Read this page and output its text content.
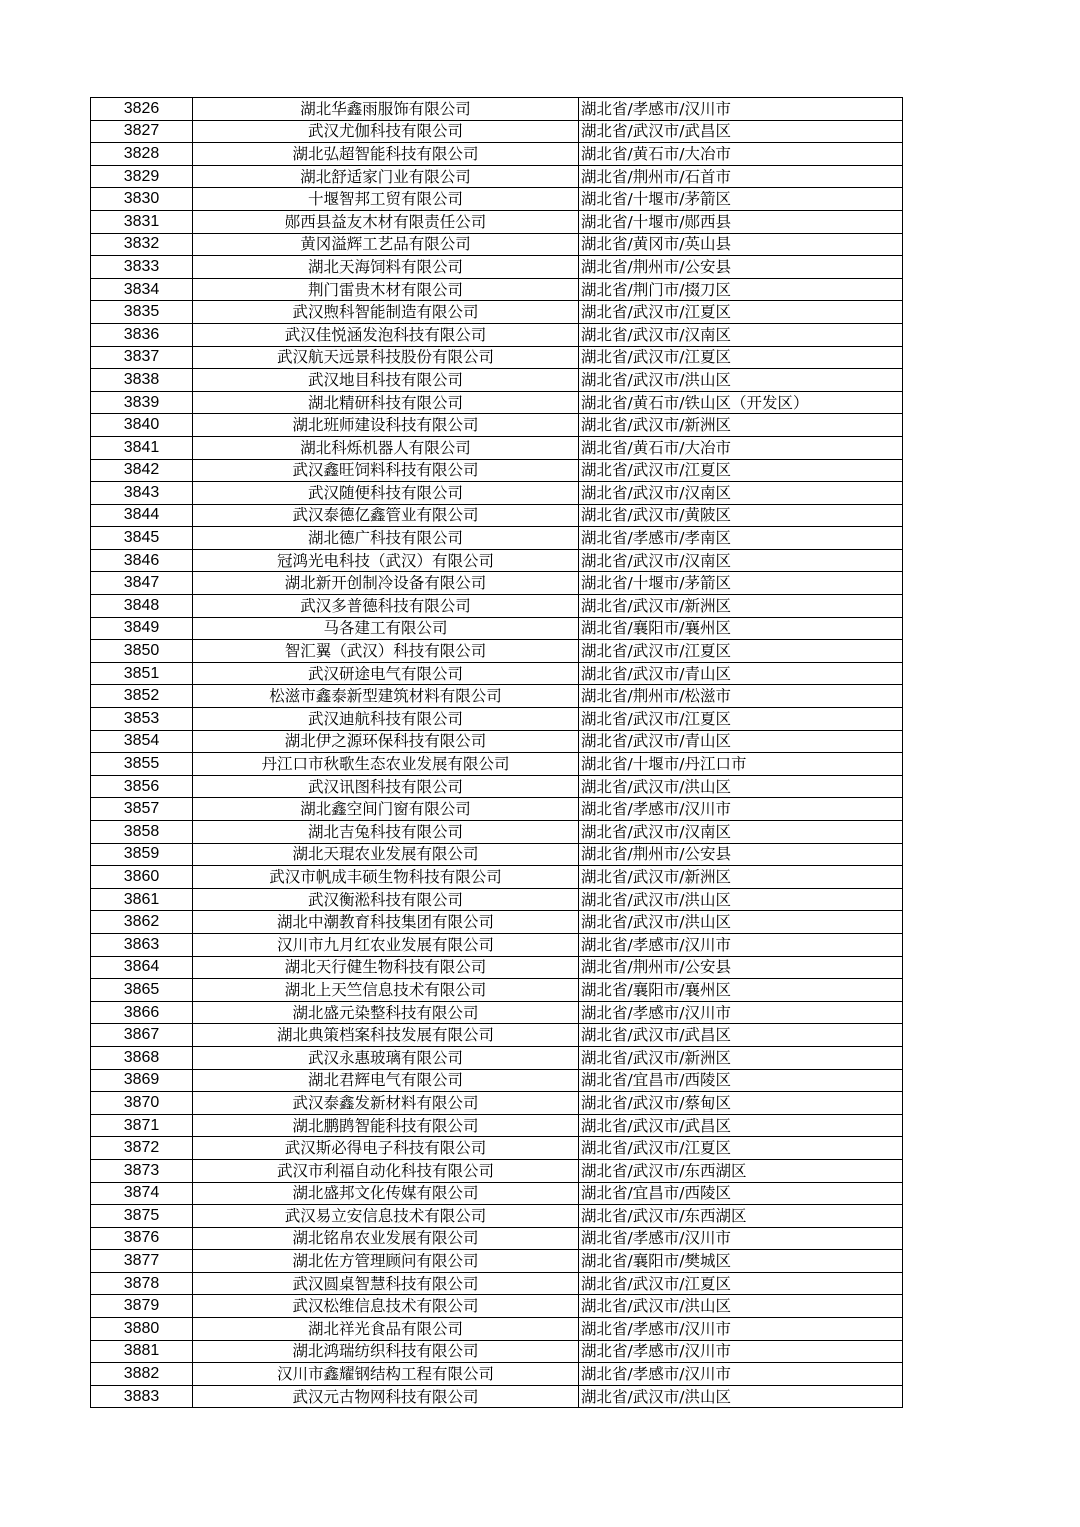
3826	湖北华鑫雨服饰有限公司	湖北省/孝感市/汉川市
3827	武汉尤伽科技有限公司	湖北省/武汉市/武昌区
3828	湖北弘超智能科技有限公司	湖北省/黄石市/大冶市
3829	湖北舒适家门业有限公司	湖北省/荆州市/石首市
3830	十堰智邦工贸有限公司	湖北省/十堰市/茅箭区
3831	郧西县益友木材有限责任公司	湖北省/十堰市/郧西县
3832	黄冈溢辉工艺品有限公司	湖北省/黄冈市/英山县
3833	湖北天海饲料有限公司	湖北省/荆州市/公安县
3834	荆门雷贵木材有限公司	湖北省/荆门市/掇刀区
3835	武汉煦科智能制造有限公司	湖北省/武汉市/江夏区
3836	武汉佳悦涵发泡科技有限公司	湖北省/武汉市/汉南区
3837	武汉航天远景科技股份有限公司	湖北省/武汉市/江夏区
3838	武汉地目科技有限公司	湖北省/武汉市/洪山区
3839	湖北精研科技有限公司	湖北省/黄石市/铁山区（开发区）
3840	湖北班师建设科技有限公司	湖北省/武汉市/新洲区
3841	湖北科烁机器人有限公司	湖北省/黄石市/大冶市
3842	武汉鑫旺饲料科技有限公司	湖北省/武汉市/江夏区
3843	武汉随便科技有限公司	湖北省/武汉市/汉南区
3844	武汉泰德亿鑫管业有限公司	湖北省/武汉市/黄陂区
3845	湖北德广科技有限公司	湖北省/孝感市/孝南区
3846	冠鸿光电科技（武汉）有限公司	湖北省/武汉市/汉南区
3847	湖北新开创制冷设备有限公司	湖北省/十堰市/茅箭区
3848	武汉多普德科技有限公司	湖北省/武汉市/新洲区
3849	马各建工有限公司	湖北省/襄阳市/襄州区
3850	智汇翼（武汉）科技有限公司	湖北省/武汉市/江夏区
3851	武汉研途电气有限公司	湖北省/武汉市/青山区
3852	松滋市鑫泰新型建筑材料有限公司	湖北省/荆州市/松滋市
3853	武汉迪航科技有限公司	湖北省/武汉市/江夏区
3854	湖北伊之源环保科技有限公司	湖北省/武汉市/青山区
3855	丹江口市秋歌生态农业发展有限公司	湖北省/十堰市/丹江口市
3856	武汉讯图科技有限公司	湖北省/武汉市/洪山区
3857	湖北鑫空间门窗有限公司	湖北省/孝感市/汉川市
3858	湖北吉兔科技有限公司	湖北省/武汉市/汉南区
3859	湖北天琨农业发展有限公司	湖北省/荆州市/公安县
3860	武汉市帆成丰硕生物科技有限公司	湖北省/武汉市/新洲区
3861	武汉衡淞科技有限公司	湖北省/武汉市/洪山区
3862	湖北中潮教育科技集团有限公司	湖北省/武汉市/洪山区
3863	汉川市九月红农业发展有限公司	湖北省/孝感市/汉川市
3864	湖北天行健生物科技有限公司	湖北省/荆州市/公安县
3865	湖北上天竺信息技术有限公司	湖北省/襄阳市/襄州区
3866	湖北盛元染整科技有限公司	湖北省/孝感市/汉川市
3867	湖北典策档案科技发展有限公司	湖北省/武汉市/武昌区
3868	武汉永惠玻璃有限公司	湖北省/武汉市/新洲区
3869	湖北君辉电气有限公司	湖北省/宜昌市/西陵区
3870	武汉泰鑫发新材料有限公司	湖北省/武汉市/蔡甸区
3871	湖北鹏鹍智能科技有限公司	湖北省/武汉市/武昌区
3872	武汉斯必得电子科技有限公司	湖北省/武汉市/江夏区
3873	武汉市利福自动化科技有限公司	湖北省/武汉市/东西湖区
3874	湖北盛邦文化传媒有限公司	湖北省/宜昌市/西陵区
3875	武汉易立安信息技术有限公司	湖北省/武汉市/东西湖区
3876	湖北铭帛农业发展有限公司	湖北省/孝感市/汉川市
3877	湖北佐方管理顾问有限公司	湖北省/襄阳市/樊城区
3878	武汉圆桌智慧科技有限公司	湖北省/武汉市/江夏区
3879	武汉松维信息技术有限公司	湖北省/武汉市/洪山区
3880	湖北祥光食品有限公司	湖北省/孝感市/汉川市
3881	湖北鸿瑞纺织科技有限公司	湖北省/孝感市/汉川市
3882	汉川市鑫耀钢结构工程有限公司	湖北省/孝感市/汉川市
3883	武汉元古物网科技有限公司	湖北省/武汉市/洪山区
